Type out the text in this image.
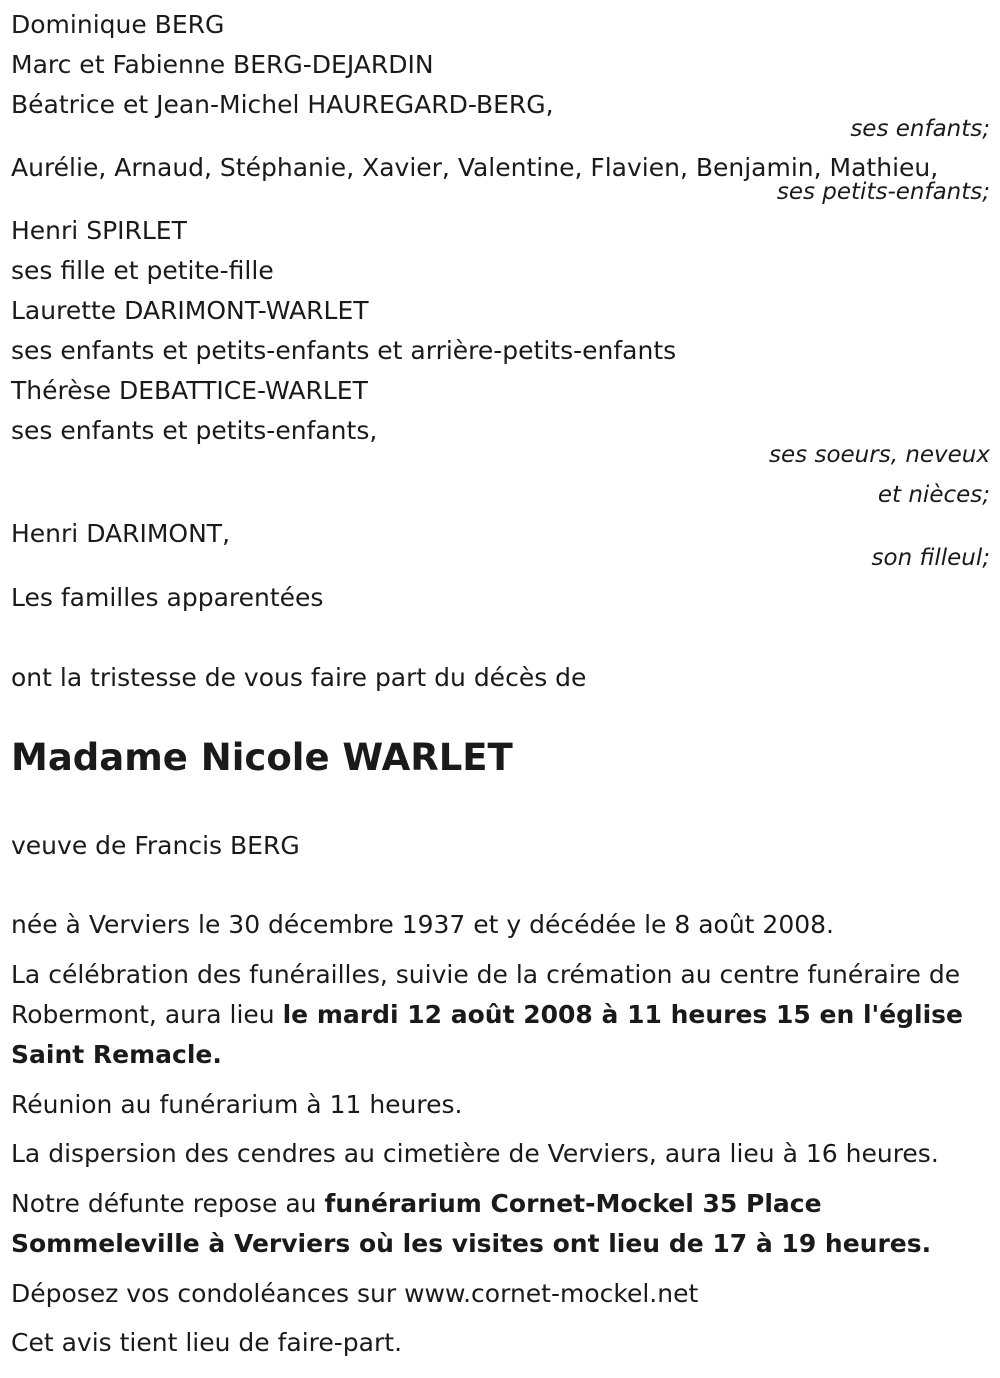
Dominique BERG

Marc et Fabienne BERG-DEJARDIN

Béatrice et Jean-Michel HAUREGARD-BERG,

ses enfants;

Aurélie, Arnaud, Stéphanie, Xavier, Valentine, Flavien, Benjamin, Mathieu,

ses petits-enfants;

Henri SPIRLET

ses fille et petite-fille

Laurette DARIMONT-WARLET

ses enfants et petits-enfants et arrière-petits-enfants

Thérèse DEBATTICE-WARLET

ses enfants et petits-enfants,

ses soeurs, neveux

et nièces;

Henri DARIMONT,

son filleul;

Les familles apparentées

ont la tristesse de vous faire part du décès de

Madame Nicole WARLET

veuve de Francis BERG

née à Verviers le 30 décembre 1937 et y décédée le 8 août 2008.

La célébration des funérailles, suivie de la crémation au centre funéraire de Robermont, aura lieu le mardi 12 août 2008 à 11 heures 15 en l'église Saint Remacle.

Réunion au funérarium à 11 heures.

La dispersion des cendres au cimetière de Verviers, aura lieu à 16 heures.

Notre défunte repose au funérarium Cornet-Mockel 35 Place Sommeleville à Verviers où les visites ont lieu de 17 à 19 heures.

Déposez vos condoléances sur www.cornet-mockel.net

Cet avis tient lieu de faire-part.
